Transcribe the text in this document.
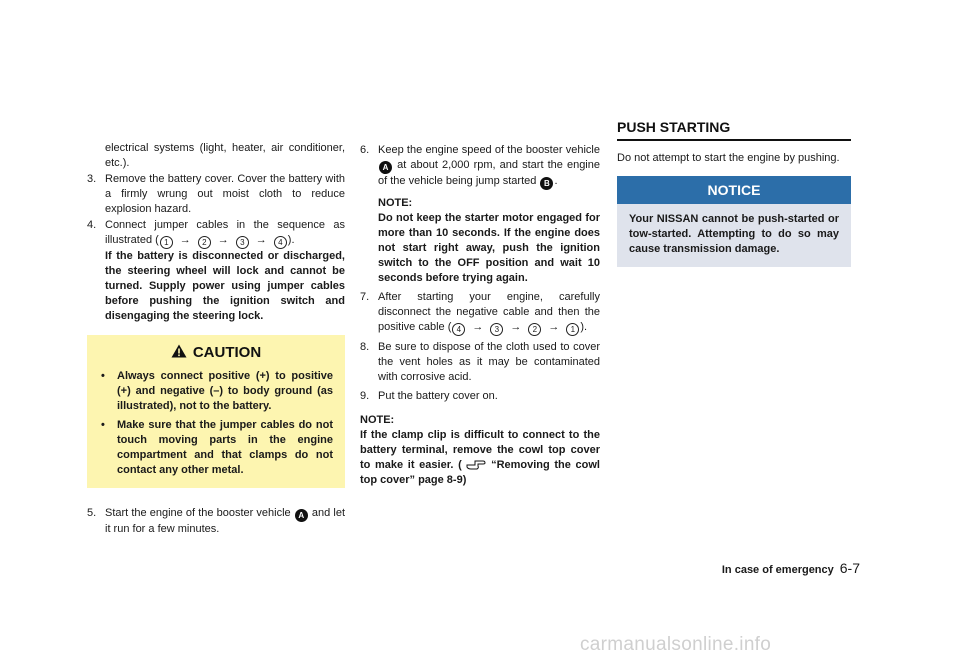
electrical systems (light, heater, air conditioner, etc.).

3. Remove the battery cover. Cover the battery with a firmly wrung out moist cloth to reduce explosion hazard.
4. Connect jumper cables in the sequence as illustrated ( 1 → 2 → 3 → 4 ).

If the battery is disconnected or discharged, the steering wheel will lock and cannot be turned. Supply power using jumper cables before pushing the ignition switch and disengaging the steering lock.

CAUTION
• Always connect positive (+) to positive (+) and negative (–) to body ground (as illustrated), not to the battery.
• Make sure that the jumper cables do not touch moving parts in the engine compartment and that clamps do not contact any other metal.
5. Start the engine of the booster vehicle A and let it run for a few minutes.
6. Keep the engine speed of the booster vehicle A at about 2,000 rpm, and start the engine of the vehicle being jump started B .

NOTE:

Do not keep the starter motor engaged for more than 10 seconds. If the engine does not start right away, push the ignition switch to the OFF position and wait 10 seconds before trying again.

7. After starting your engine, carefully disconnect the negative cable and then the positive cable ( 4 → 3 → 2 → 1 ).
8. Be sure to dispose of the cloth used to cover the vent holes as it may be contaminated with corrosive acid.
9. Put the battery cover on.

NOTE:

If the clamp clip is difficult to connect to the battery terminal, remove the cowl top cover to make it easier. (	“Removing the cowl top cover” page 8-9)

PUSH STARTING

Do not attempt to start the engine by pushing.

NOTICE
Your NISSAN cannot be push-started or tow-started. Attempting to do so may cause transmission damage.
In case of emergency 6-7
carmanualsonline.info
